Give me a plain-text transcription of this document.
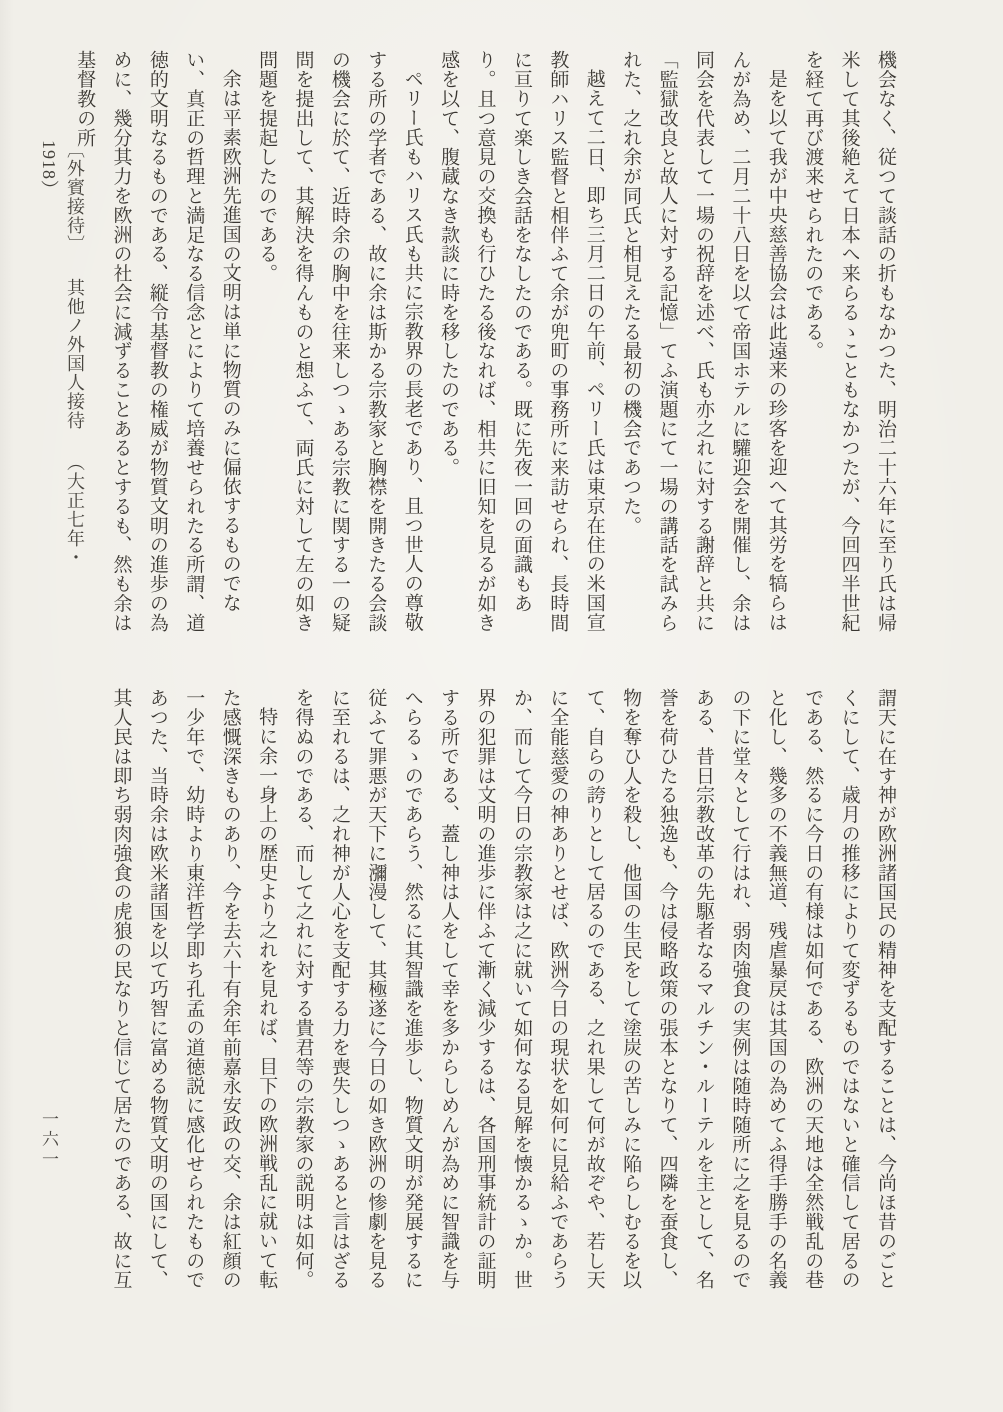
機会なく、従つて談話の折もなかつた、明治二十六年に至り氏は帰米して其後絶えて日本へ来らるゝこともなかつたが、今回四半世紀を経て再び渡来せられたのである。

是を以て我が中央慈善協会は此遠来の珍客を迎へて其労を犒らはんが為め、二月二十八日を以て帝国ホテルに驩迎会を開催し、余は同会を代表して一場の祝辞を述べ、氏も亦之れに対する謝辞と共に「監獄改良と故人に対する記憶」てふ演題にて一場の講話を試みられた、之れ余が同氏と相見えたる最初の機会であつた。

越えて二日、即ち三月二日の午前、ペリー氏は東京在住の米国宣教師ハリス監督と相伴ふて余が兜町の事務所に来訪せられ、長時間に亘りて楽しき会話をなしたのである。既に先夜一回の面識もあり。且つ意見の交換も行ひたる後なれば、相共に旧知を見るが如き感を以て、腹蔵なき款談に時を移したのである。

ペリー氏もハリス氏も共に宗教界の長老であり、且つ世人の尊敬する所の学者である、故に余は斯かる宗教家と胸襟を開きたる会談の機会に於て、近時余の胸中を往来しつゝある宗教に関する一の疑問を提出して、其解決を得んものと想ふて、両氏に対して左の如き問題を提起したのである。

余は平素欧洲先進国の文明は単に物質のみに偏依するものでない、真正の哲理と満足なる信念とによりて培養せられたる所謂、道徳的文明なるものである、縦令基督教の権威が物質文明の進歩の為めに、幾分其力を欧洲の社会に減ずることあるとするも、然も余は基督教の所

〔外賓接待〕 其他ノ外国人接待 （大正七年・1918）

謂天に在す神が欧洲諸国民の精神を支配することは、今尚ほ昔のごとくにして、歳月の推移によりて変ずるものではないと確信して居るのである、然るに今日の有様は如何である、欧洲の天地は全然戦乱の巷と化し、幾多の不義無道、残虐暴戻は其国の為めてふ得手勝手の名義の下に堂々として行はれ、弱肉強食の実例は随時随所に之を見るのである、昔日宗教改革の先駆者なるマルチン・ルーテルを主として、名誉を荷ひたる独逸も、今は侵略政策の張本となりて、四隣を蚕食し、物を奪ひ人を殺し、他国の生民をして塗炭の苦しみに陥らしむるを以て、自らの誇りとして居るのである、之れ果して何が故ぞや、若し天に全能慈愛の神ありとせば、欧洲今日の現状を如何に見給ふであらうか、而して今日の宗教家は之に就いて如何なる見解を懐かるゝか。世界の犯罪は文明の進歩に伴ふて漸く減少するは、各国刑事統計の証明する所である、蓋し神は人をして幸を多からしめんが為めに智識を与へらるゝのであらう、然るに其智識を進歩し、物質文明が発展するに従ふて罪悪が天下に瀰漫して、其極遂に今日の如き欧洲の惨劇を見るに至れるは、之れ神が人心を支配する力を喪失しつゝあると言はざるを得ぬのである、而して之れに対する貴君等の宗教家の説明は如何。

特に余一身上の歴史より之れを見れば、目下の欧洲戦乱に就いて転た感慨深きものあり、今を去六十有余年前嘉永安政の交、余は紅顔の一少年で、幼時より東洋哲学即ち孔孟の道徳説に感化せられたものであつた、当時余は欧米諸国を以て巧智に富める物質文明の国にして、其人民は即ち弱肉強食の虎狼の民なりと信じて居たのである、故に互

一六一
